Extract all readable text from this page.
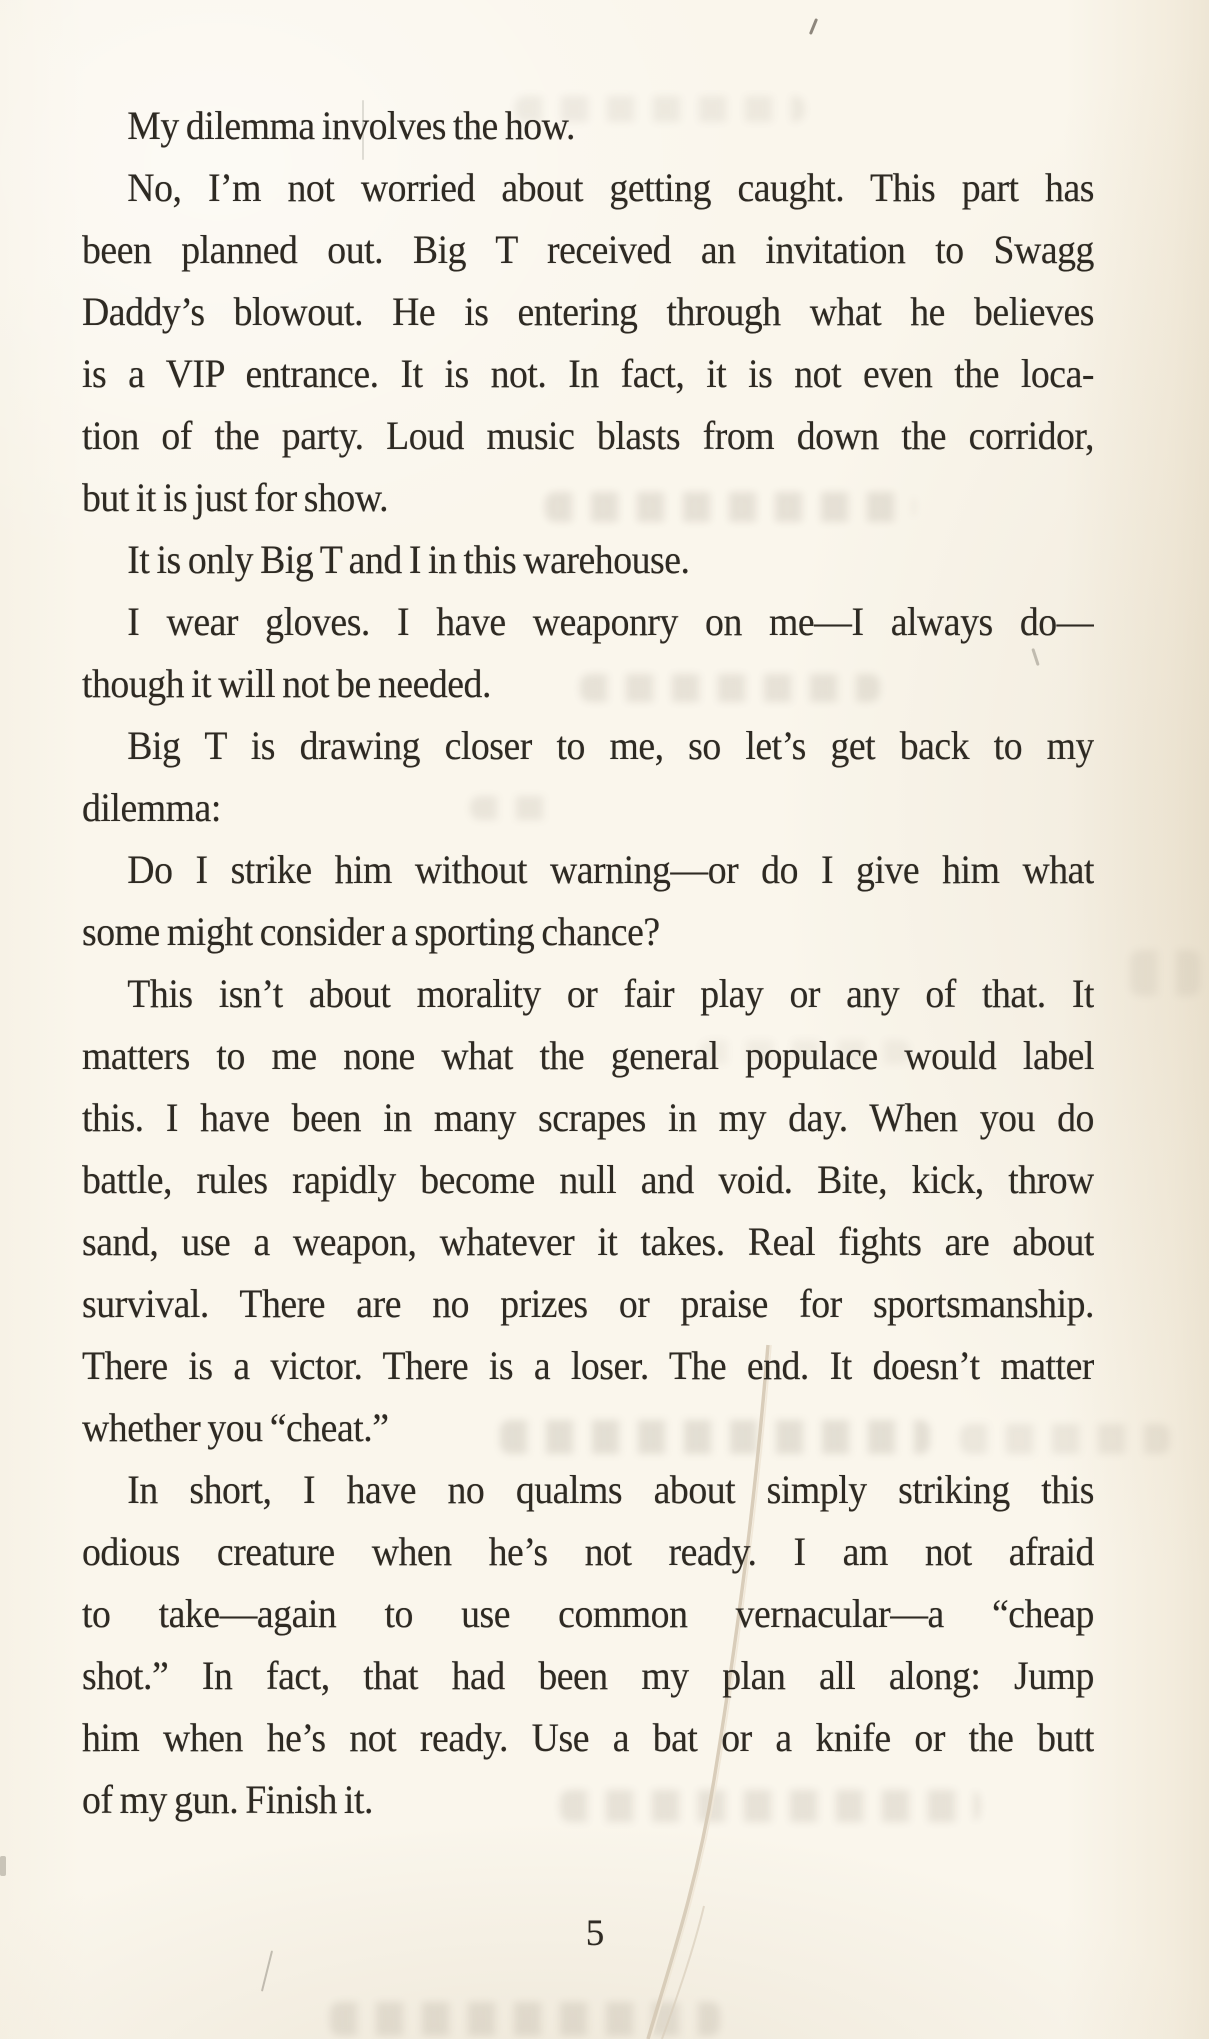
My dilemma involves the how.
No, I’m not worried about getting caught. This part has
been planned out. Big T received an invitation to Swagg
Daddy’s blowout. He is entering through what he believes
is a VIP entrance. It is not. In fact, it is not even the loca-
tion of the party. Loud music blasts from down the corridor,
but it is just for show.
It is only Big T and I in this warehouse.
I wear gloves. I have weaponry on me—I always do—
though it will not be needed.
Big T is drawing closer to me, so let’s get back to my
dilemma:
Do I strike him without warning—or do I give him what
some might consider a sporting chance?
This isn’t about morality or fair play or any of that. It
matters to me none what the general populace would label
this. I have been in many scrapes in my day. When you do
battle, rules rapidly become null and void. Bite, kick, throw
sand, use a weapon, whatever it takes. Real fights are about
survival. There are no prizes or praise for sportsmanship.
There is a victor. There is a loser. The end. It doesn’t matter
whether you “cheat.”
In short, I have no qualms about simply striking this
odious creature when he’s not ready. I am not afraid
to take—again to use common vernacular—a “cheap
shot.” In fact, that had been my plan all along: Jump
him when he’s not ready. Use a bat or a knife or the butt
of my gun. Finish it.
5
